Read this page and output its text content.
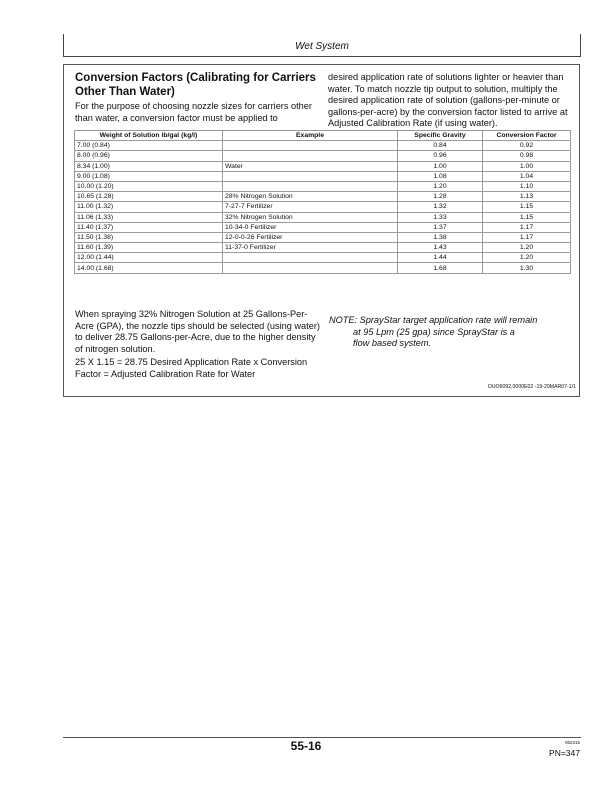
Wet System
Conversion Factors (Calibrating for Carriers Other Than Water)
For the purpose of choosing nozzle sizes for carriers other than water, a conversion factor must be applied to
desired application rate of solutions lighter or heavier than water. To match nozzle tip output to solution, multiply the desired application rate of solution (gallons-per-minute or gallons-per-acre) by the conversion factor listed to arrive at Adjusted Calibration Rate (if using water).
Weight of Solution lb/gal (kg/l)	Example	Specific Gravity	Conversion Factor
7.00 (0.84)		0.84	0.92
8.00 (0.96)		0.96	0.98
8.34 (1.00)	Water	1.00	1.00
9.00 (1.08)		1.08	1.04
10.00 (1.20)		1.20	1.10
10.65 (1.28)	28% Nitrogen Solution	1.28	1.13
11.00 (1.32)	7-27-7 Fertilizer	1.32	1.15
11.06 (1.33)	32% Nitrogen Solution	1.33	1.15
11.40 (1.37)	10-34-0 Fertilizer	1.37	1.17
11.50 (1.38)	12-0-0-26 Fertilizer	1.38	1.17
11.60 (1.39)	11-37-0 Fertilizer	1.43	1.20
12.00 (1.44)		1.44	1.20
14.00 (1.68)		1.68	1.30
When spraying 32% Nitrogen Solution at 25 Gallons-Per-Acre (GPA), the nozzle tips should be selected (using water) to deliver 28.75 Gallons-per-Acre, due to the higher density of nitrogen solution.
25 X 1.15 = 28.75 Desired Application Rate x Conversion Factor = Adjusted Calibration Rate for Water
NOTE: SprayStar target application rate will remain
at 95 Lpm (25 gpa) since SprayStar is a
flow based system.
OUO6092,0000E02 -19-29MAR07-1/1
55-16	062315
PN=347
